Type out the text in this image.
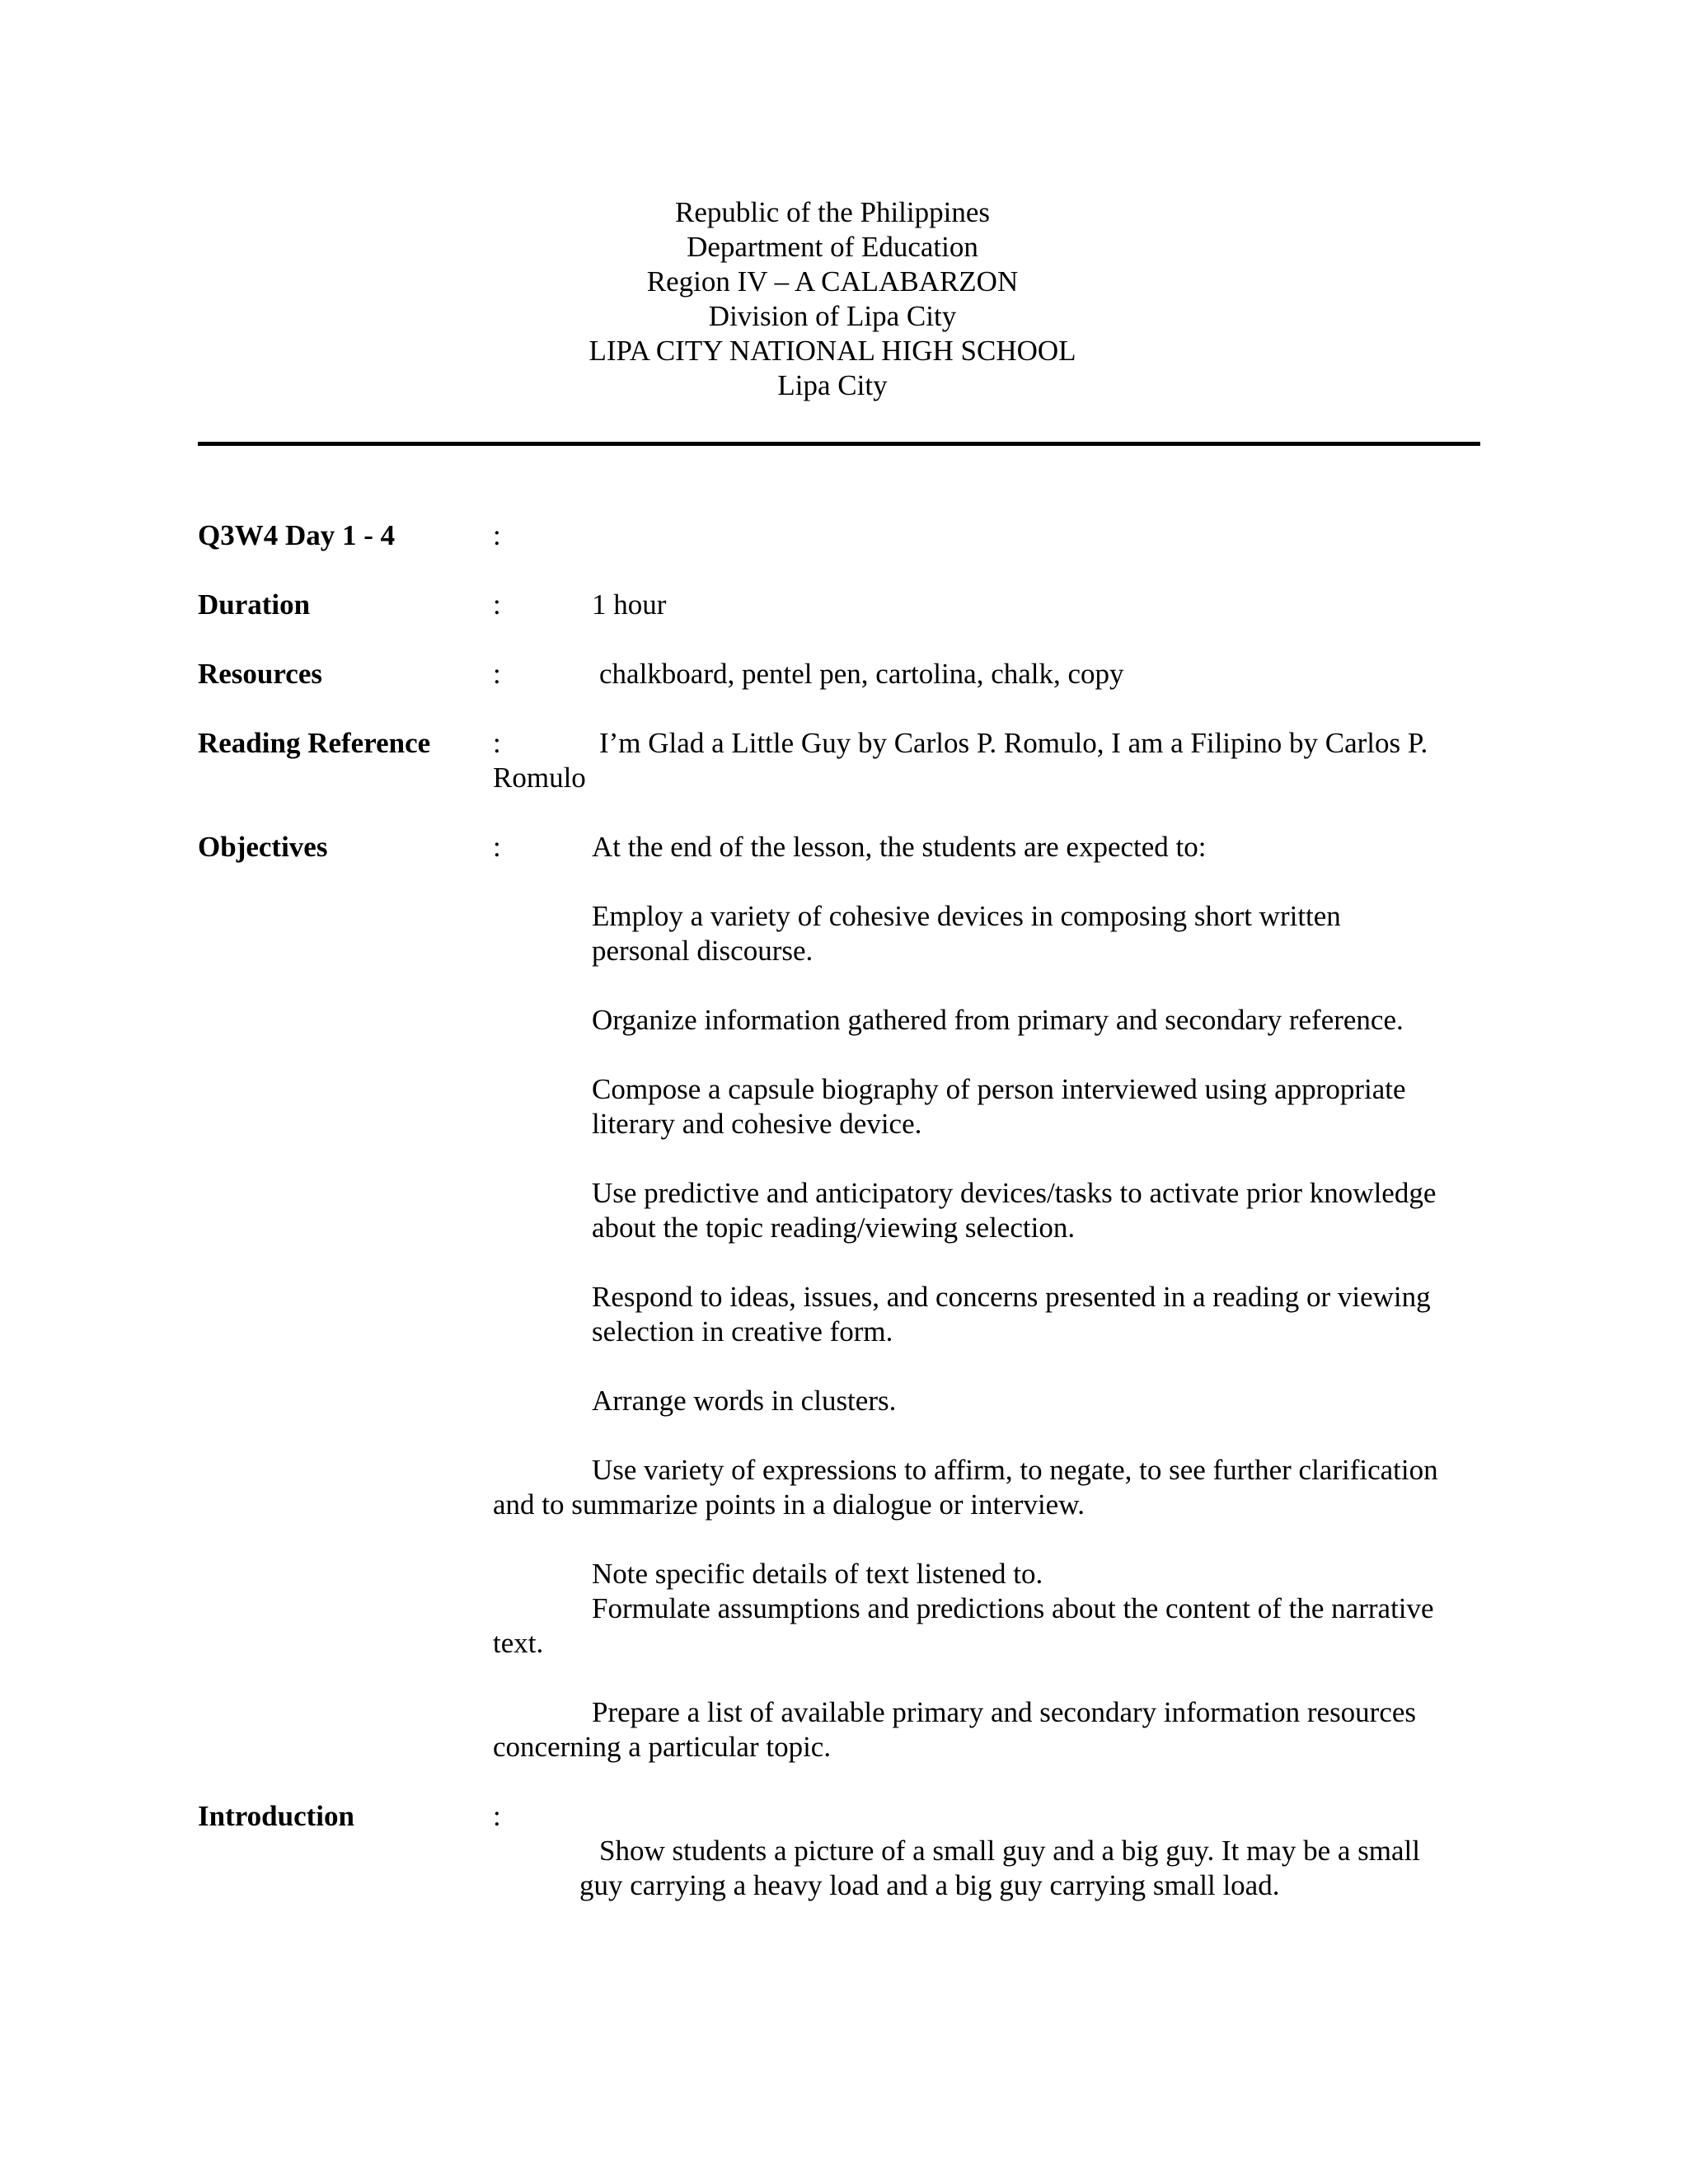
Republic of the Philippines
Department of Education
Region IV – A CALABARZON
Division of Lipa City
LIPA CITY NATIONAL HIGH SCHOOL
Lipa City
Q3W4 Day 1 - 4	:
Duration	:	1 hour
Resources	:	chalkboard, pentel pen, cartolina, chalk, copy
Reading Reference :	I’m Glad a Little Guy by Carlos P. Romulo, I am a Filipino by Carlos P.
Romulo
Objectives	:	At the end of the lesson, the students are expected to:
Employ a variety of cohesive devices in composing short written
personal discourse.
Organize information gathered from primary and secondary reference.
Compose a capsule biography of person interviewed using appropriate
literary and cohesive device.
Use predictive and anticipatory devices/tasks to activate prior knowledge
about the topic reading/viewing selection.
Respond to ideas, issues, and concerns presented in a reading or viewing
selection in creative form.
Arrange words in clusters.
Use variety of expressions to affirm, to negate, to see further clarification
and to summarize points in a dialogue or interview.
Note specific details of text listened to.
Formulate assumptions and predictions about the content of the narrative
text.
Prepare a list of available primary and secondary information resources
concerning a particular topic.
Introduction	:
Show students a picture of a small guy and a big guy. It may be a small
guy carrying a heavy load and a big guy carrying small load.
